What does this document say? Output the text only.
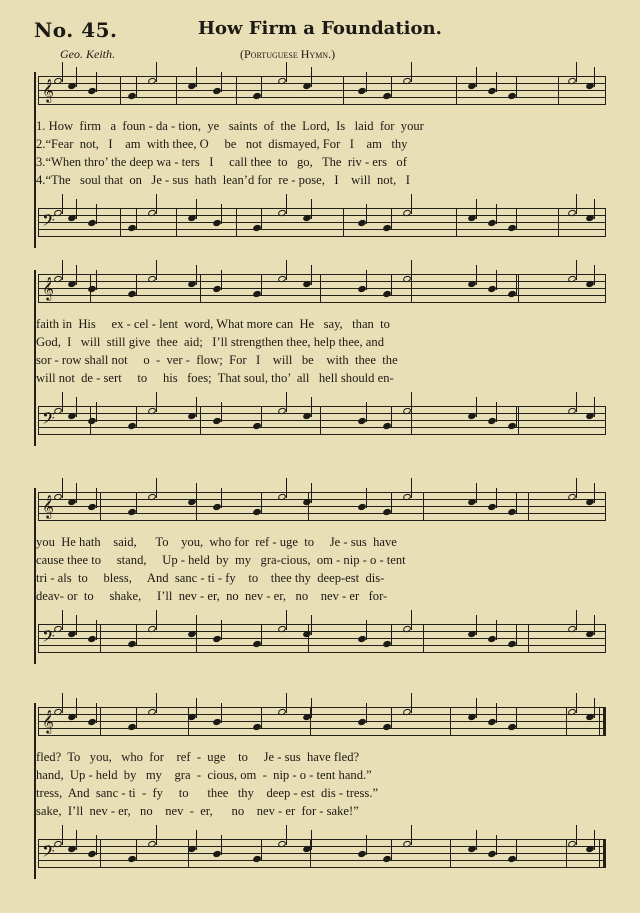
No. 45.	How Firm a Foundation.
Geo. Keith.	(Portuguese Hymn.)
1. How  firm   a  foun - da - tion,  ye   saints  of  the  Lord,  Is   laid  for  your
2.“Fear  not,   I    am  with thee, O     be   not  dismayed, For   I    am   thy
3.“When thro’ the deep wa - ters   I     call thee  to   go,   The  riv - ers   of
4.“The   soul that  on   Je - sus  hath  lean’d for  re - pose,   I    will  not,   I
𝄞
𝄢
faith in  His     ex - cel - lent  word, What more can  He   say,   than  to
God,  I   will  still give  thee  aid;   I’ll strengthen thee, help thee, and
sor - row shall not     o  -  ver -  flow;  For   I    will   be    with  thee  the
will not  de - sert     to     his   foes;  That soul, tho’  all   hell should en-
𝄞
𝄢
you  He hath    said,      To    you,  who for  ref - uge  to     Je - sus  have
cause thee to     stand,     Up - held  by  my   gra-cious,  om - nip - o - tent
tri - als  to     bless,     And  sanc - ti - fy    to    thee thy  deep-est  dis-
deav- or  to     shake,     I’ll  nev - er,  no  nev - er,   no    nev - er   for-
𝄞
𝄢
fled?  To   you,   who  for    ref  -  uge    to     Je - sus  have fled?
hand,  Up - held  by   my    gra  -  cious, om  -  nip - o - tent hand.”
tress,  And  sanc - ti  -  fy     to      thee   thy    deep - est  dis - tress.”
sake,  I’ll  nev - er,   no    nev  -  er,      no    nev - er  for - sake!”
𝄞
𝄢
